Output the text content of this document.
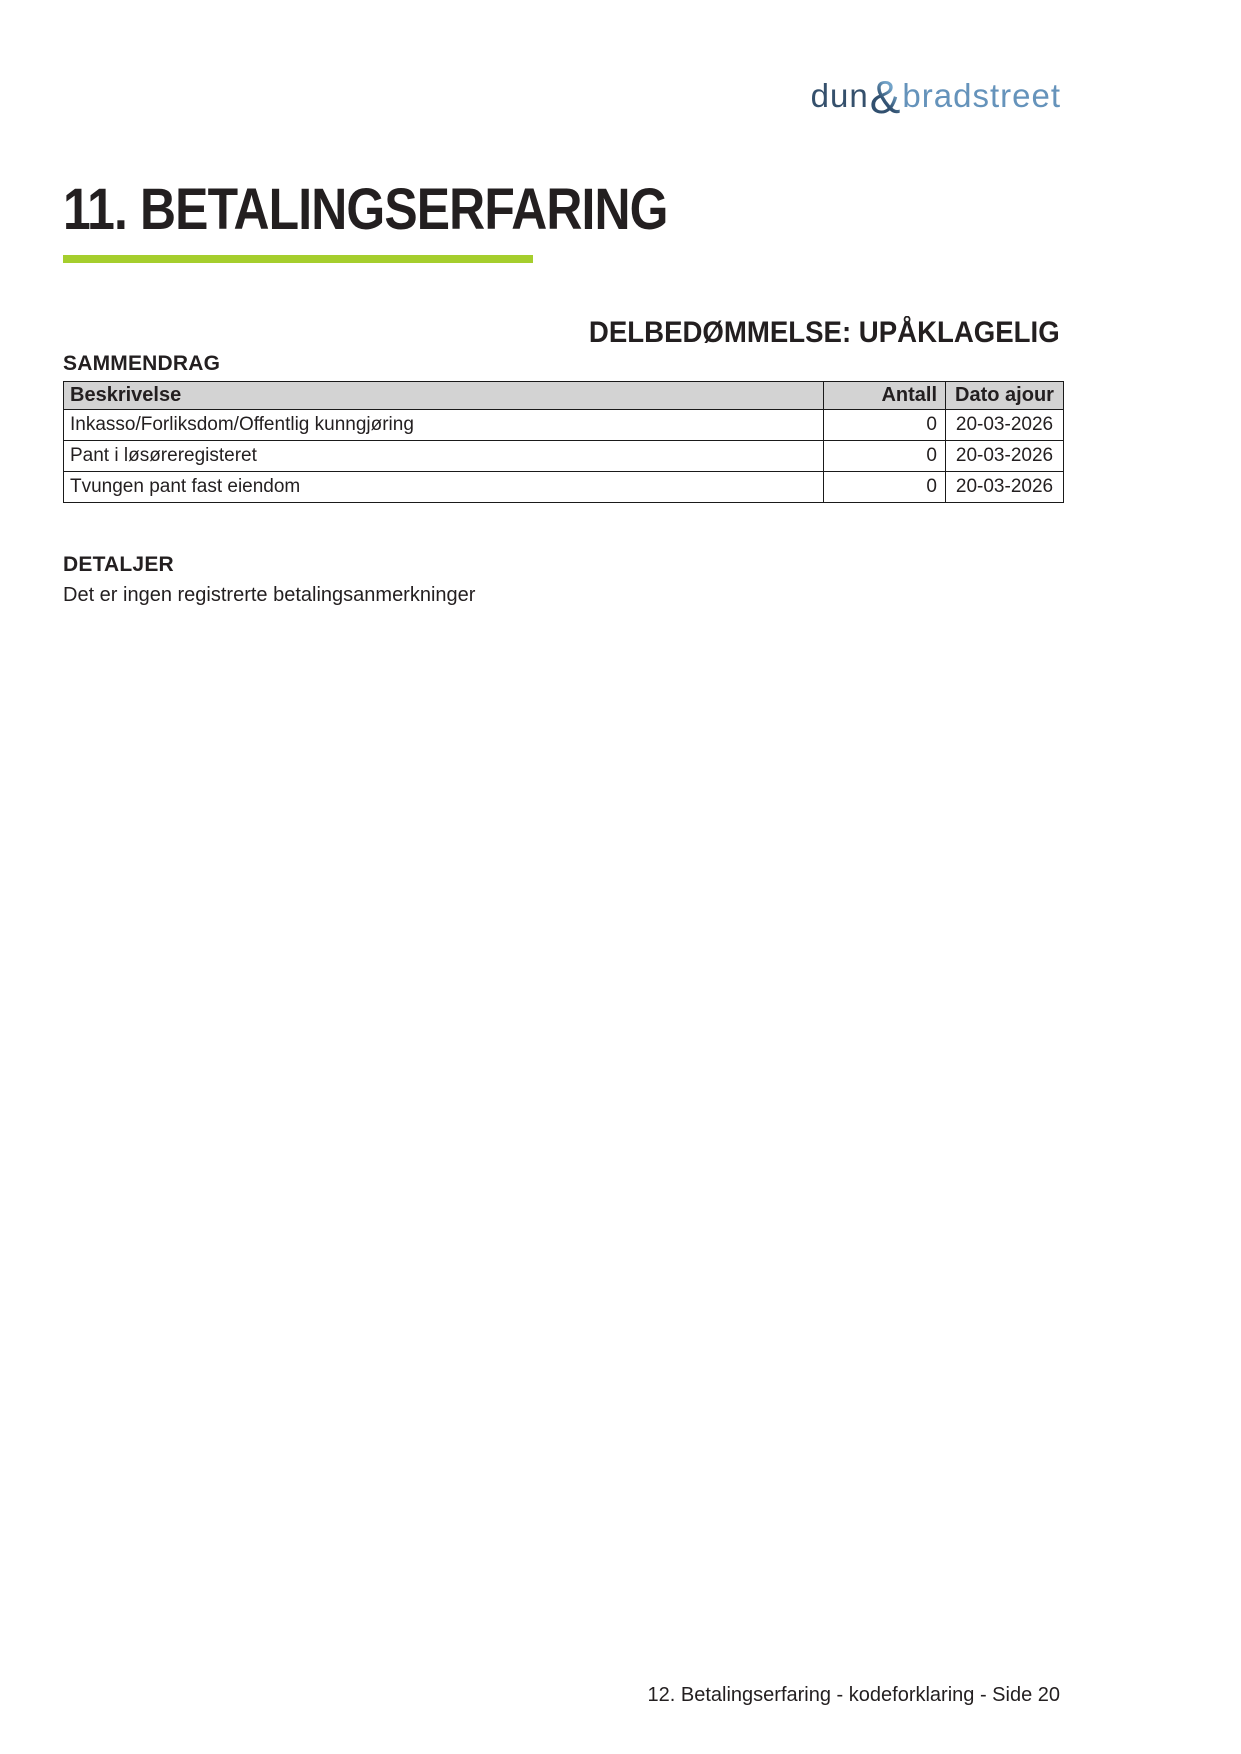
dun&bradstreet
11. BETALINGSERFARING
DELBEDØMMELSE: UPÅKLAGELIG
SAMMENDRAG
Beskrivelse	Antall	Dato ajour
Inkasso/Forliksdom/Offentlig kunngjøring	0	20-03-2026
Pant i løsøreregisteret	0	20-03-2026
Tvungen pant fast eiendom	0	20-03-2026
DETALJER
Det er ingen registrerte betalingsanmerkninger
12. Betalingserfaring - kodeforklaring - Side 20
